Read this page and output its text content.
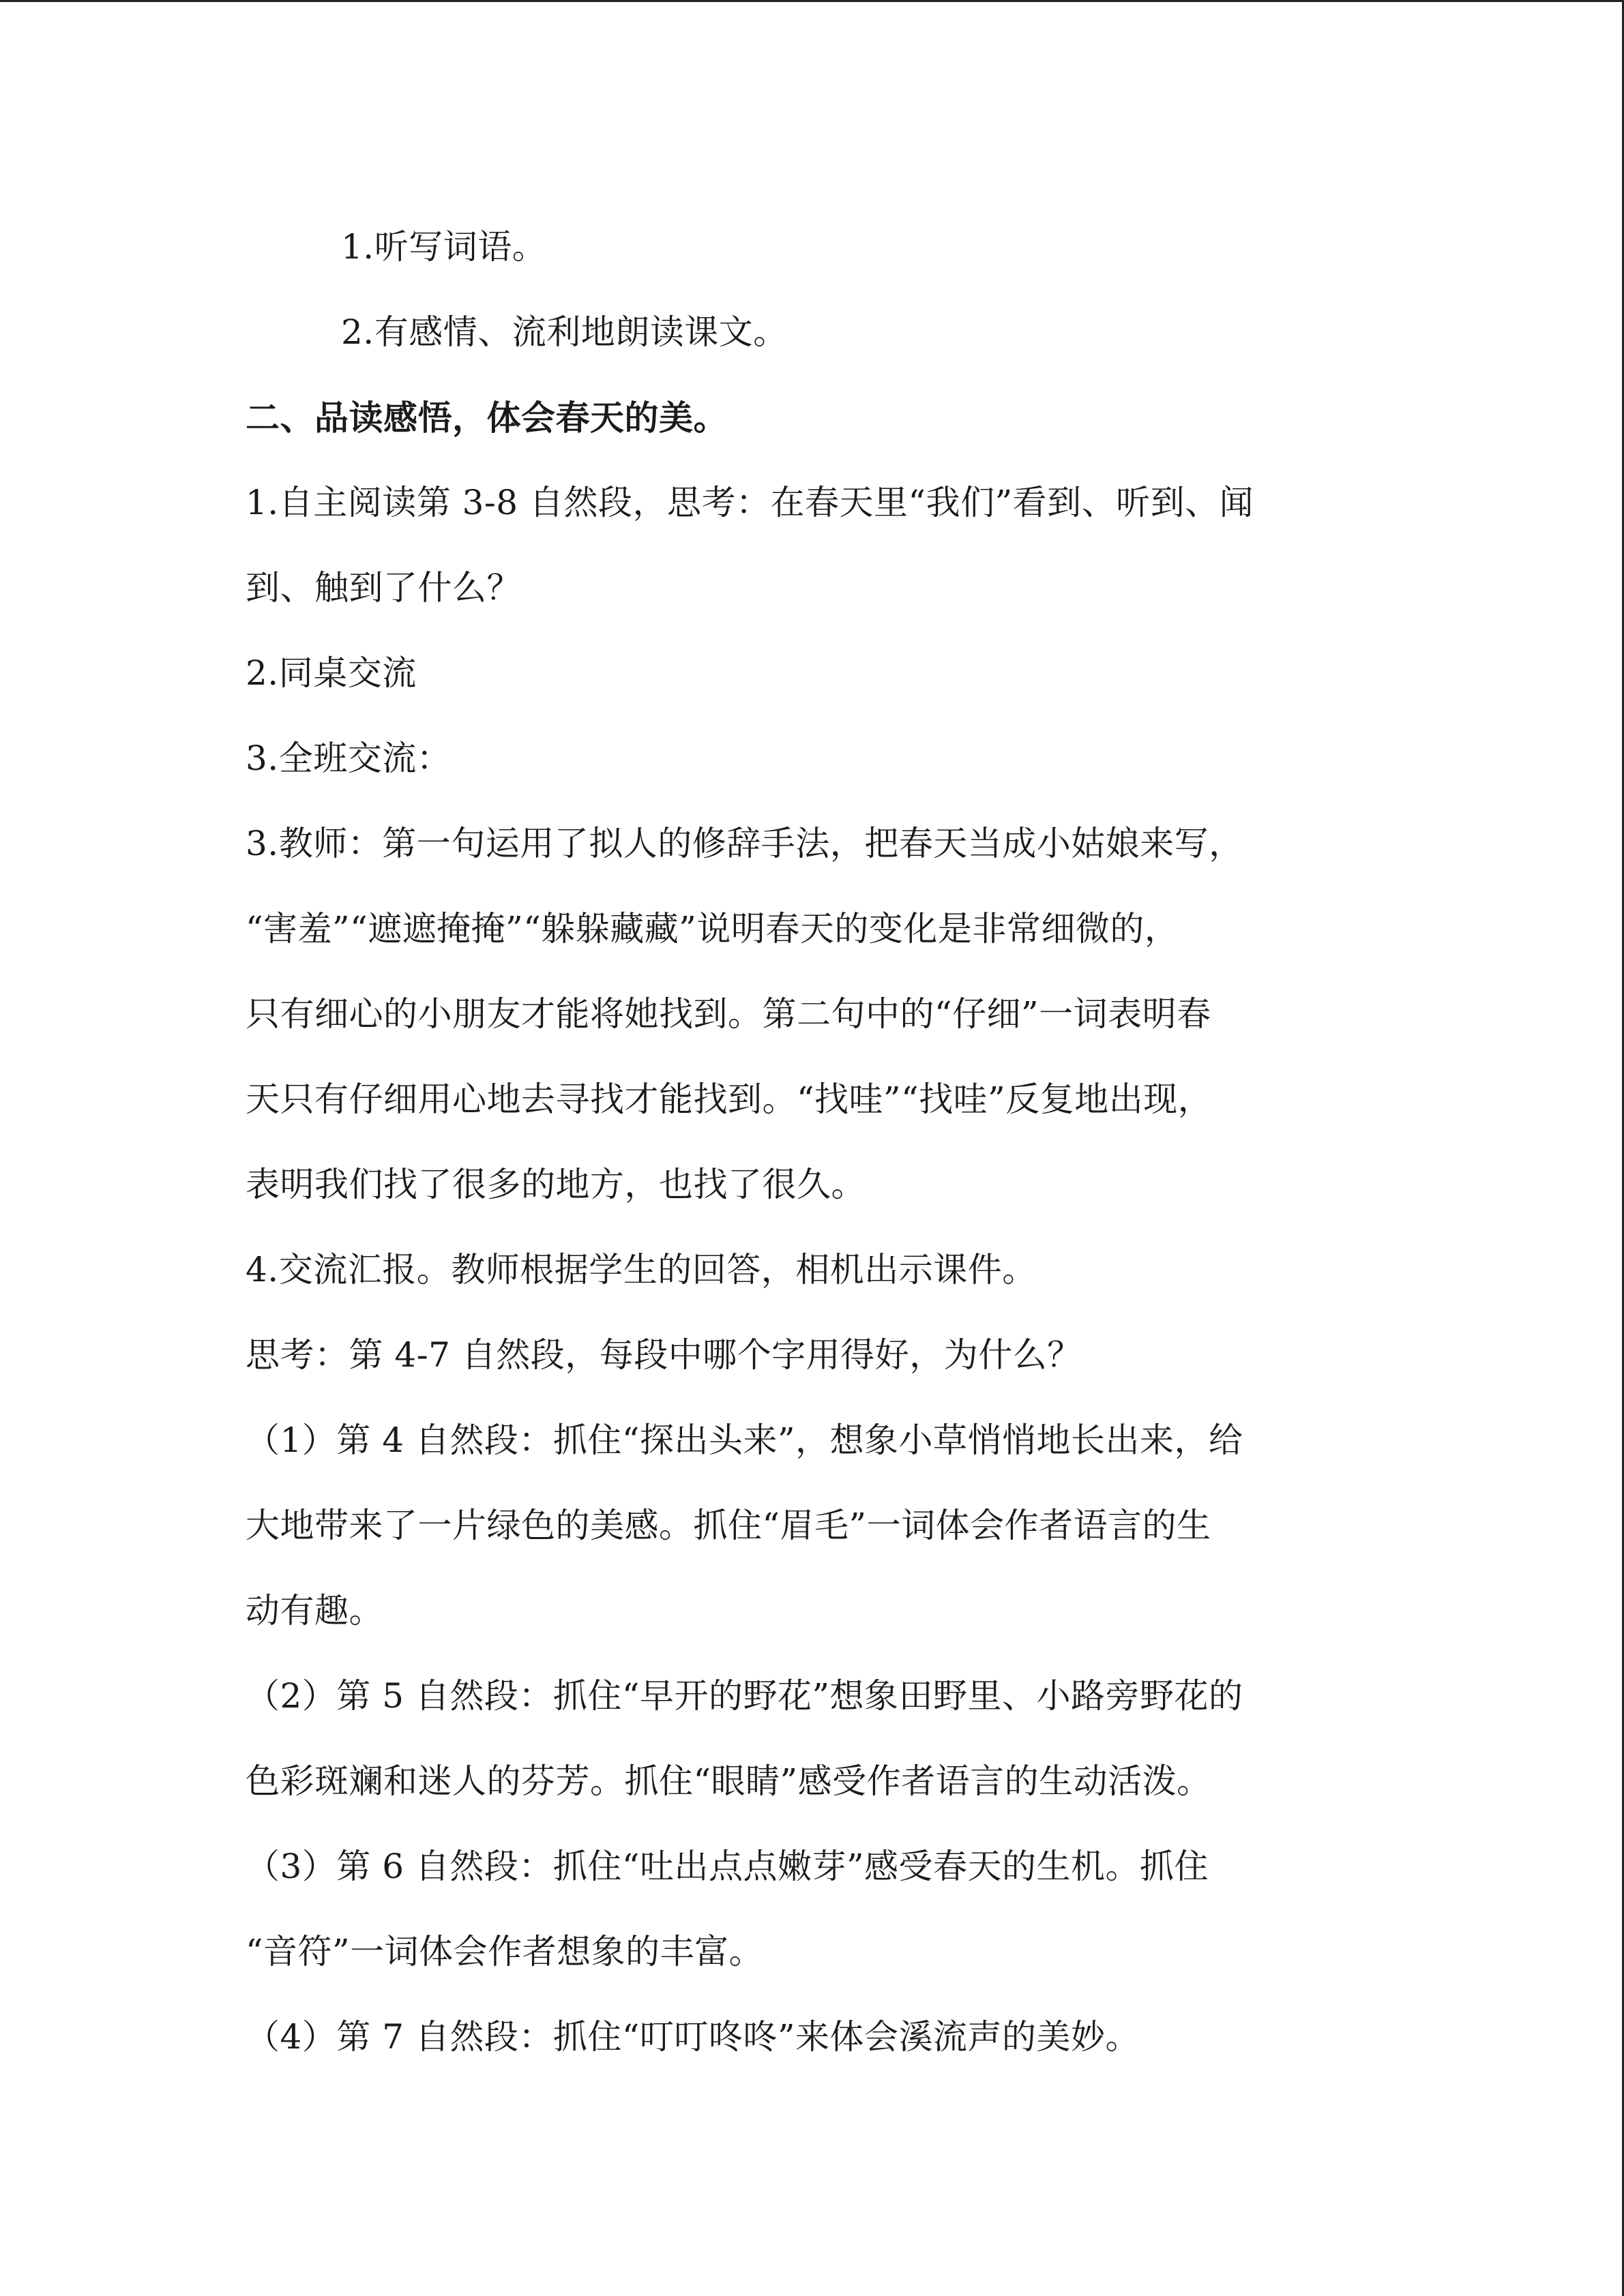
1.听写词语。
2.有感情、流利地朗读课文。
二、品读感悟，体会春天的美。
1.自主阅读第 3-8 自然段，思考：在春天里“我们”看到、听到、闻
到、触到了什么？
2.同桌交流
3.全班交流：
3.教师：第一句运用了拟人的修辞手法，把春天当成小姑娘来写，
“害羞”“遮遮掩掩”“躲躲藏藏”说明春天的变化是非常细微的，
只有细心的小朋友才能将她找到。第二句中的“仔细”一词表明春
天只有仔细用心地去寻找才能找到。“找哇”“找哇”反复地出现，
表明我们找了很多的地方，也找了很久。
4.交流汇报。教师根据学生的回答，相机出示课件。
思考：第 4-7 自然段，每段中哪个字用得好，为什么？
（1）第 4 自然段：抓住“探出头来”，想象小草悄悄地长出来，给
大地带来了一片绿色的美感。抓住“眉毛”一词体会作者语言的生
动有趣。
（2）第 5 自然段：抓住“早开的野花”想象田野里、小路旁野花的
色彩斑斓和迷人的芬芳。抓住“眼睛”感受作者语言的生动活泼。
（3）第 6 自然段：抓住“吐出点点嫩芽”感受春天的生机。抓住
“音符”一词体会作者想象的丰富。
（4）第 7 自然段：抓住“叮叮咚咚”来体会溪流声的美妙。
